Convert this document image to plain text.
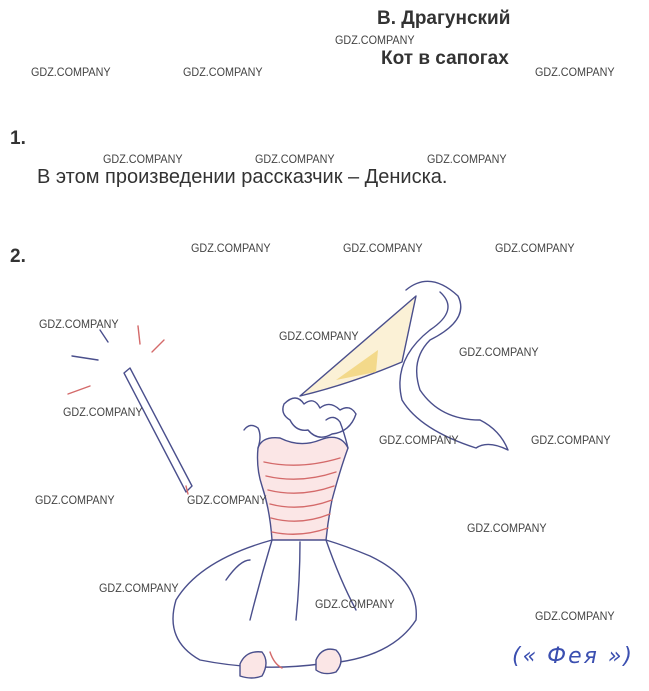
В. Драгунский
Кот в сапогах
1.
В этом произведении рассказчик – Дениска.
2.
(« Фея »)
GDZ.COMPANY
GDZ.COMPANY	GDZ.COMPANY	GDZ.COMPANY
GDZ.COMPANY	GDZ.COMPANY	GDZ.COMPANY
GDZ.COMPANY	GDZ.COMPANY	GDZ.COMPANY
GDZ.COMPANY
GDZ.COMPANY
GDZ.COMPANY
GDZ.COMPANY
GDZ.COMPANY	GDZ.COMPANY
GDZ.COMPANY	GDZ.COMPANY
GDZ.COMPANY
GDZ.COMPANY
GDZ.COMPANY
GDZ.COMPANY
